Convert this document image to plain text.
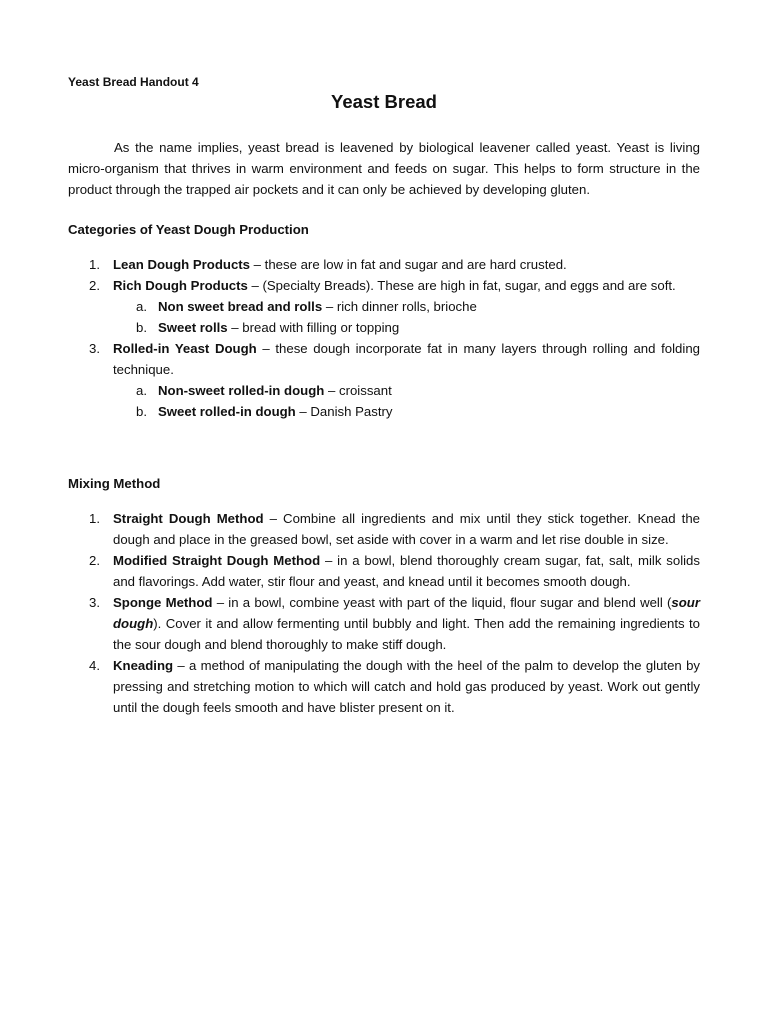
Yeast Bread Handout 4
Yeast Bread

As the name implies, yeast bread is leavened by biological leavener called yeast. Yeast is living micro-organism that thrives in warm environment and feeds on sugar. This helps to form structure in the product through the trapped air pockets and it can only be achieved by developing gluten.

Categories of Yeast Dough Production
1. Lean Dough Products – these are low in fat and sugar and are hard crusted.
2. Rich Dough Products – (Specialty Breads). These are high in fat, sugar, and eggs and are soft.
a. Non sweet bread and rolls – rich dinner rolls, brioche
b. Sweet rolls – bread with filling or topping
3. Rolled-in Yeast Dough – these dough incorporate fat in many layers through rolling and folding technique.
a. Non-sweet rolled-in dough – croissant
b. Sweet rolled-in dough – Danish Pastry
Mixing Method
1. Straight Dough Method – Combine all ingredients and mix until they stick together. Knead the dough and place in the greased bowl, set aside with cover in a warm and let rise double in size.
2. Modified Straight Dough Method – in a bowl, blend thoroughly cream sugar, fat, salt, milk solids and flavorings. Add water, stir flour and yeast, and knead until it becomes smooth dough.
3. Sponge Method – in a bowl, combine yeast with part of the liquid, flour sugar and blend well (sour dough). Cover it and allow fermenting until bubbly and light. Then add the remaining ingredients to the sour dough and blend thoroughly to make stiff dough.
4. Kneading – a method of manipulating the dough with the heel of the palm to develop the gluten by pressing and stretching motion to which will catch and hold gas produced by yeast. Work out gently until the dough feels smooth and have blister present on it.
